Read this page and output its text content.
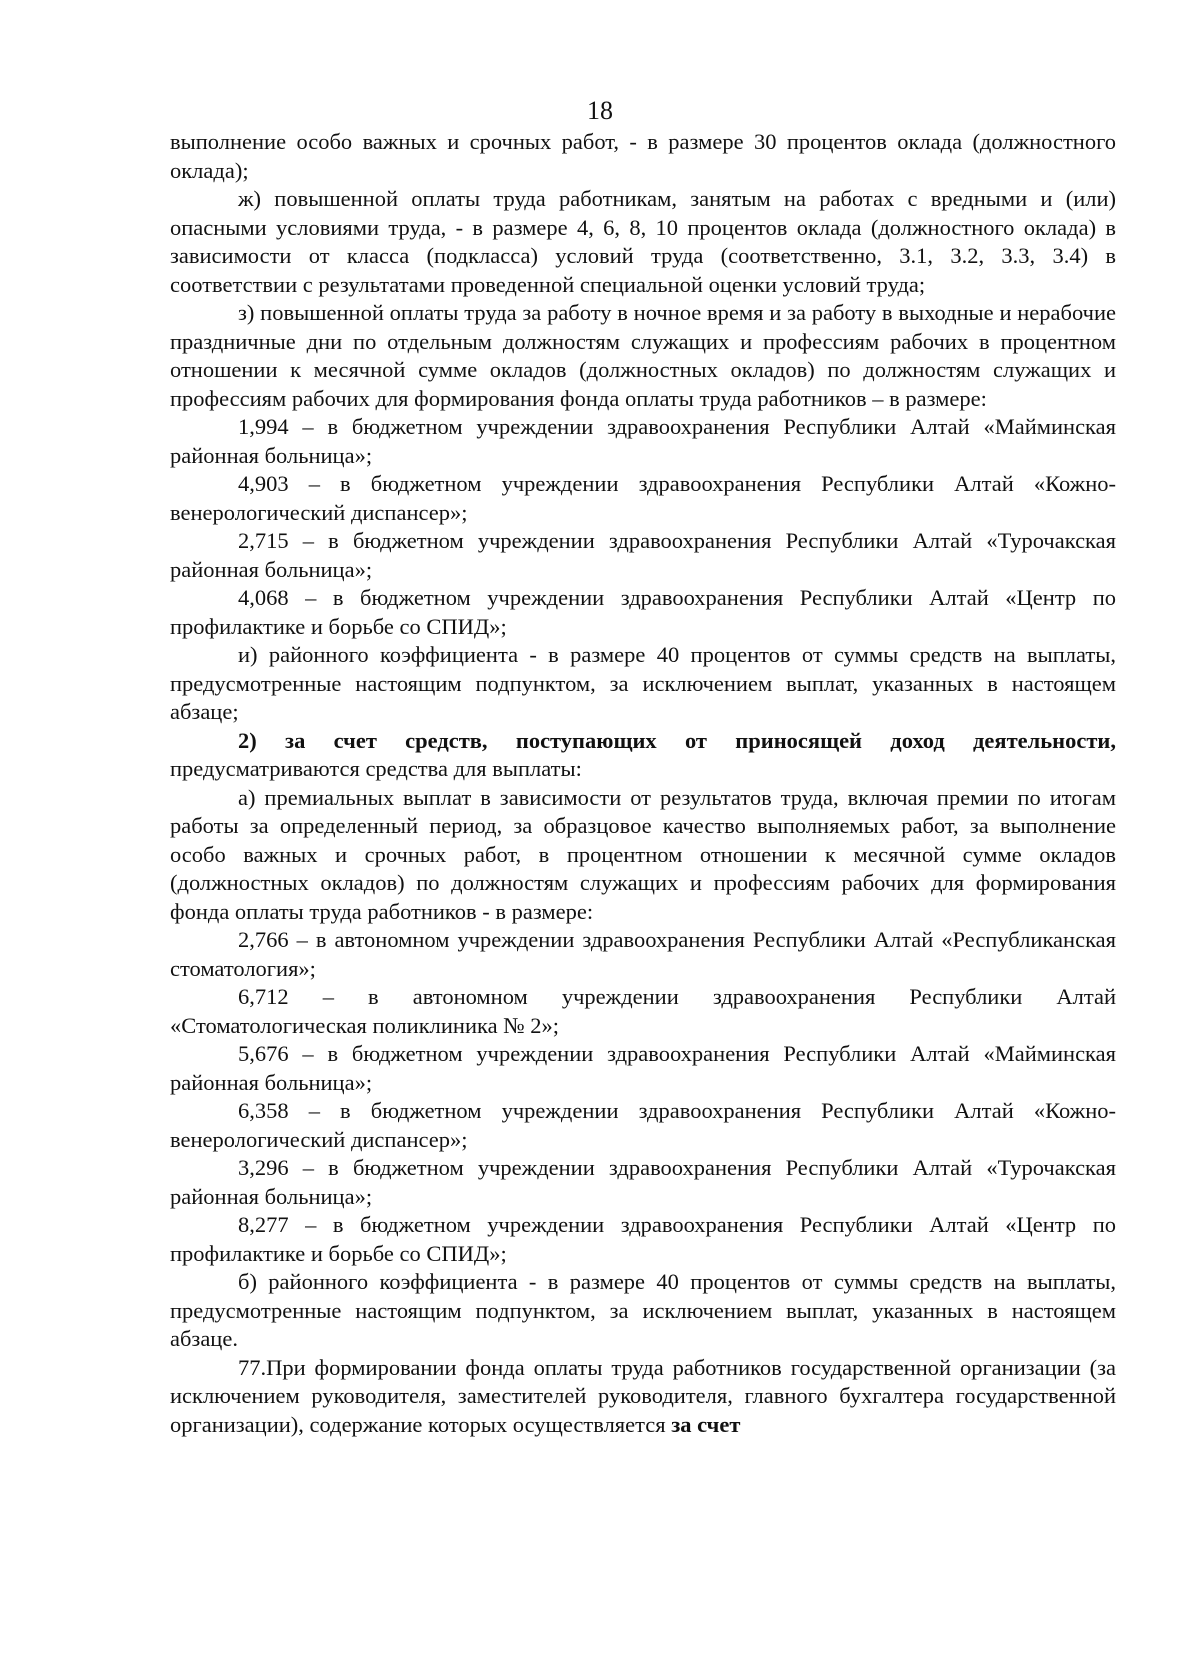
18

выполнение особо важных и срочных работ, - в размере 30 процентов оклада (должностного оклада);

ж) повышенной оплаты труда работникам, занятым на работах с вредными и (или) опасными условиями труда, - в размере 4, 6, 8, 10 процентов оклада (должностного оклада) в зависимости от класса (подкласса) условий труда (соответственно, 3.1, 3.2, 3.3, 3.4) в соответствии с результатами проведенной специальной оценки условий труда;

з) повышенной оплаты труда за работу в ночное время и за работу в выходные и нерабочие праздничные дни по отдельным должностям служащих и профессиям рабочих в процентном отношении к месячной сумме окладов (должностных окладов) по должностям служащих и профессиям рабочих для формирования фонда оплаты труда работников – в размере:

1,994 – в бюджетном учреждении здравоохранения Республики Алтай «Майминская районная больница»;

4,903 – в бюджетном учреждении здравоохранения Республики Алтай «Кожно-венерологический диспансер»;

2,715 – в бюджетном учреждении здравоохранения Республики Алтай «Турочакская районная больница»;

4,068 – в бюджетном учреждении здравоохранения Республики Алтай «Центр по профилактике и борьбе со СПИД»;

и) районного коэффициента - в размере 40 процентов от суммы средств на выплаты, предусмотренные настоящим подпунктом, за исключением выплат, указанных в настоящем абзаце;

2) за счет средств, поступающих от приносящей доход деятельности, предусматриваются средства для выплаты:

а) премиальных выплат в зависимости от результатов труда, включая премии по итогам работы за определенный период, за образцовое качество выполняемых работ, за выполнение особо важных и срочных работ, в процентном отношении к месячной сумме окладов (должностных окладов) по должностям служащих и профессиям рабочих для формирования фонда оплаты труда работников - в размере:

2,766 – в автономном учреждении здравоохранения Республики Алтай «Республиканская стоматология»;

6,712 – в автономном учреждении здравоохранения Республики Алтай «Стоматологическая поликлиника № 2»;

5,676 – в бюджетном учреждении здравоохранения Республики Алтай «Майминская районная больница»;

6,358 – в бюджетном учреждении здравоохранения Республики Алтай «Кожно-венерологический диспансер»;

3,296 – в бюджетном учреждении здравоохранения Республики Алтай «Турочакская районная больница»;

8,277 – в бюджетном учреждении здравоохранения Республики Алтай «Центр по профилактике и борьбе со СПИД»;

б) районного коэффициента - в размере 40 процентов от суммы средств на выплаты, предусмотренные настоящим подпунктом, за исключением выплат, указанных в настоящем абзаце.

77.При формировании фонда оплаты труда работников государственной организации (за исключением руководителя, заместителей руководителя, главного бухгалтера государственной организации), содержание которых осуществляется за счет
